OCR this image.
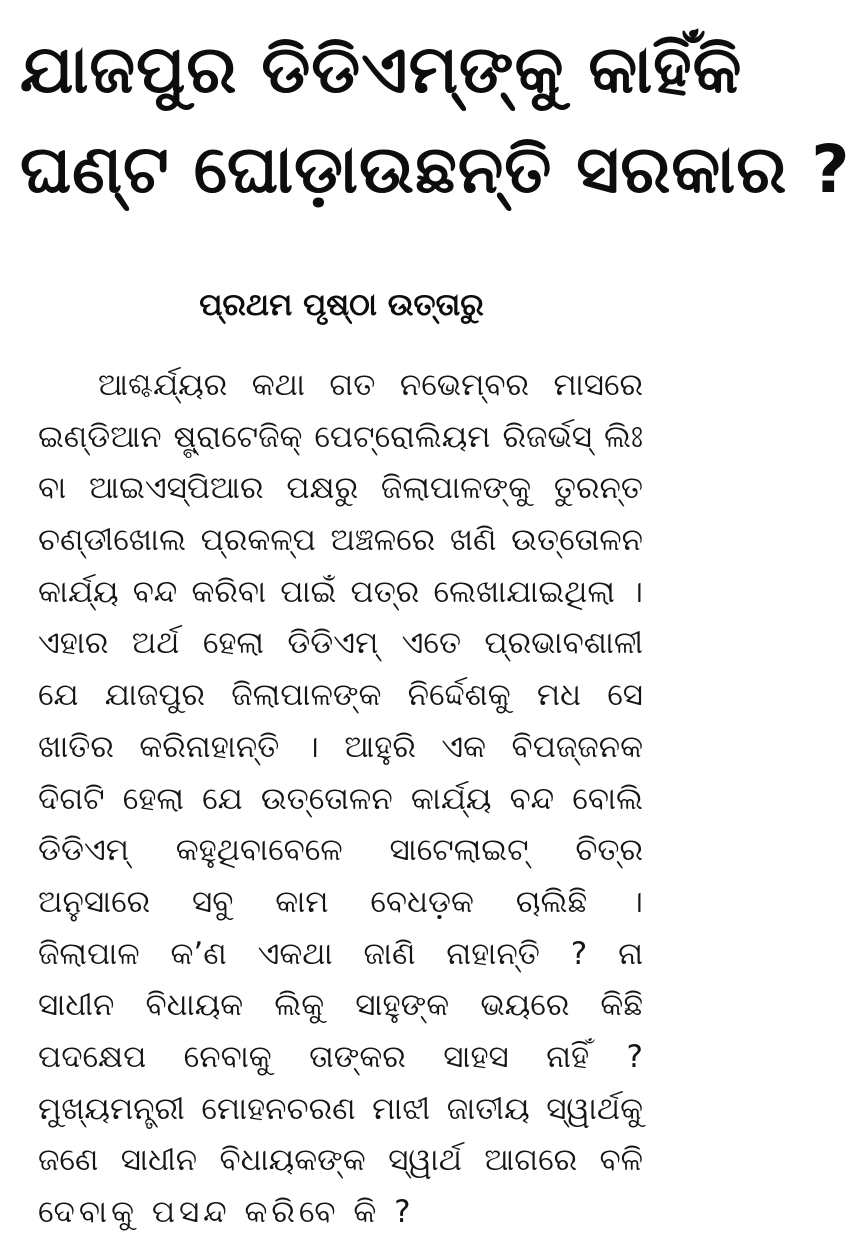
ଯାଜପୁର ଡିଡିଏମ୍‌ଙ୍କୁ କାହିଁକି
ଘଣ୍ଟ ଘୋଡ଼ାଉଛନ୍ତି ସରକାର ?
ପ୍ରଥମ ପୃଷ୍ଠା ଉତ୍ତାରୁ
ଆଶ୍ଚର୍ଯ୍ୟର କଥା ଗତ ନଭେମ୍ବର ମାସରେ
ଇଣ୍ଡିଆନ ଷ୍ଟ୍ରାଟେଜିକ୍ ପେଟ୍ରୋଲିୟମ ରିଜର୍ଭସ୍ ଲିଃ
ବା ଆଇଏସ୍‌ପିଆର ପକ୍ଷରୁ ଜିଲାପାଳଙ୍କୁ ତୁରନ୍ତ
ଚଣ୍ଡୀଖୋଲ ପ୍ରକଳ୍ପ ଅଞ୍ଚଳରେ ଖଣି ଉତ୍ତୋଳନ
କାର୍ଯ୍ୟ ବନ୍ଦ କରିବା ପାଇଁ ପତ୍ର ଲେଖାଯାଇଥିଲା ।
ଏହାର ଅର୍ଥ ହେଲା ଡିଡିଏମ୍ ଏତେ ପ୍ରଭାବଶାଳୀ
ଯେ ଯାଜପୁର ଜିଲାପାଳଙ୍କ ନିର୍ଦ୍ଦେଶକୁ ମଧ ସେ
ଖାତିର କରିନାହାନ୍ତି । ଆହୁରି ଏକ ବିପଜ୍ଜନକ
ଦିଗଟି ହେଲା ଯେ ଉତ୍ତୋଳନ କାର୍ଯ୍ୟ ବନ୍ଦ ବୋଲି
ଡିଡିଏମ୍ କହୁଥିବାବେଳେ ସାଟେଲାଇଟ୍ ଚିତ୍ର
ଅନୁସାରେ ସବୁ କାମ ବେଧଡ଼କ ଚାଲିଛି ।
ଜିଲାପାଳ କ’ଣ ଏକଥା ଜାଣି ନାହାନ୍ତି ? ନା
ସାଧୀନ ବିଧାୟକ ଲିକୁ ସାହୁଙ୍କ ଭୟରେ କିଛି
ପଦକ୍ଷେପ ନେବାକୁ ତାଙ୍କର ସାହସ ନାହିଁ ?
ମୁଖ୍ୟମନ୍ତ୍ରୀ ମୋହନଚରଣ ମାଝୀ ଜାତୀୟ ସ୍ୱାର୍ଥକୁ
ଜଣେ ସାଧୀନ ବିଧାୟକଙ୍କ ସ୍ୱାର୍ଥ ଆଗରେ ବଳି
ଦେବାକୁ ପସନ୍ଦ କରିବେ କି ?
